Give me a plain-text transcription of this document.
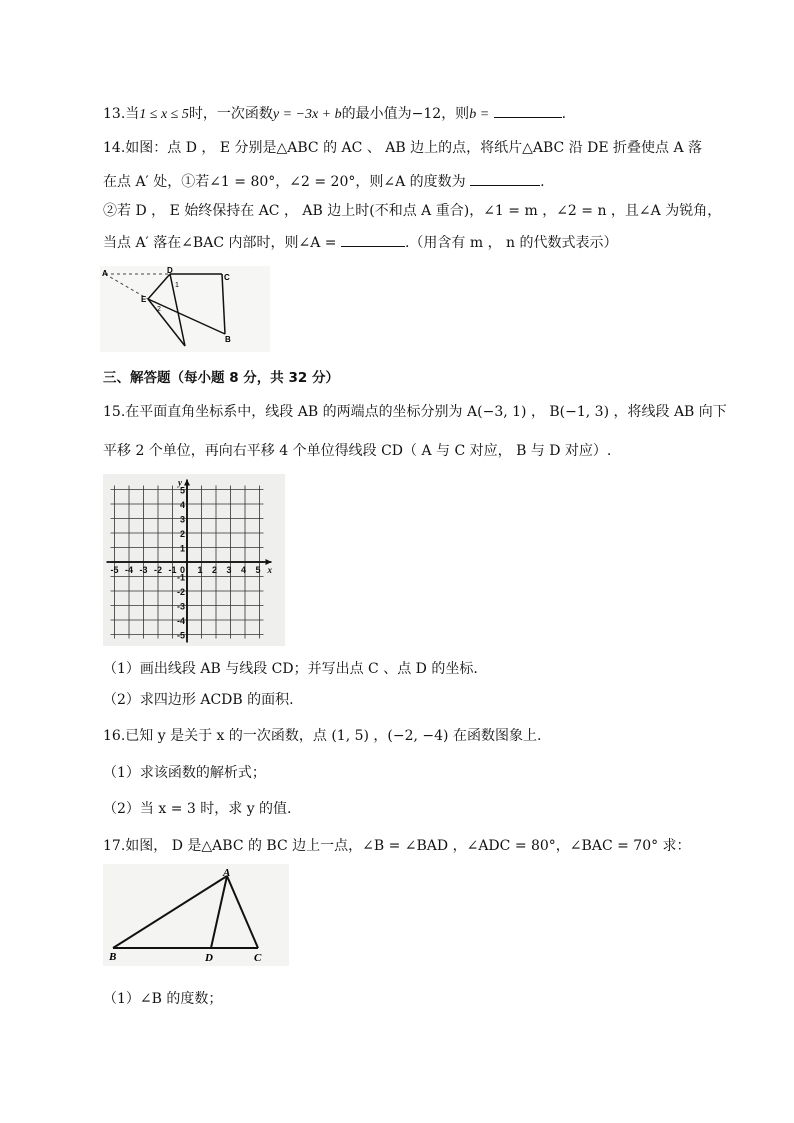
13.当1 ≤ x ≤ 5时，一次函数y = −3x + b的最小值为−12，则b =	.
14.如图：点 D ， E 分别是△ABC 的 AC 、 AB 边上的点，将纸片△ABC 沿 DE 折叠使点 A 落
在点 A′ 处，①若∠1 = 80°，∠2 = 20°，则∠A 的度数为	.
②若 D ， E 始终保持在 AC ， AB 边上时(不和点 A 重合)，∠1 = m ，∠2 = n ，且∠A 为锐角，
当点 A′ 落在∠BAC 内部时，则∠A =	.（用含有 m ， n 的代数式表示）
A	D
C
E
B
1
2
三、解答题（每小题 8 分，共 32 分）
15.在平面直角坐标系中，线段 AB 的两端点的坐标分别为 A(−3, 1) ， B(−1, 3) ，将线段 AB 向下
平移 2 个单位，再向右平移 4 个单位得线段 CD（ A 与 C 对应， B 与 D 对应）.
-5 -4 -3 -2 -1 1 2 3 4 5
5
4
3
2
1
-1
-2
-3
-4
-5
0	x
y
（1）画出线段 AB 与线段 CD；并写出点 C 、点 D 的坐标.
（2）求四边形 ACDB 的面积.
16.已知 y 是关于 x 的一次函数，点 (1, 5) ，(−2, −4) 在函数图象上.
（1）求该函数的解析式；
（2）当 x = 3 时，求 y 的值.
17.如图， D 是△ABC 的 BC 边上一点，∠B = ∠BAD ，∠ADC = 80°，∠BAC = 70° 求：
A
B	D	C
（1）∠B 的度数；
